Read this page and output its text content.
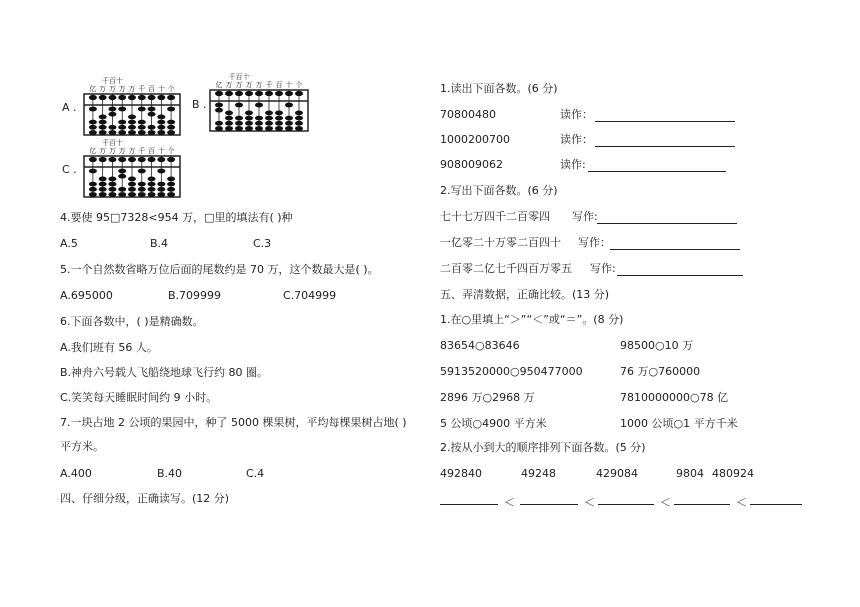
A .
千百十
亿 万 万 万 万 千 百 十 个
B .
千百十
亿 万 万 万 万 千 百 十 个
C .
千百十
亿 万 万 万 万 千 百 十 个
4.要使 95□7328<954 万，□里的填法有( )种
A.5	B.4	C.3
5.一个自然数省略万位后面的尾数约是 70 万，这个数最大是( )。
A.695000	B.709999	C.704999
6.下面各数中，( )是精确数。
A.我们班有 56 人。
B.神舟六号载人飞船绕地球飞行约 80 圈。
C.笑笑每天睡眠时间约 9 小时。
7.一块占地 2 公顷的果园中，种了 5000 棵果树，平均每棵果树占地( )
平方米。
A.400	B.40	C.4
四、仔细分级，正确读写。(12 分)
1.读出下面各数。(6 分)
70800480	读作：
1000200700	读作：
908009062	读作:
2.写出下面各数。(6 分)
七十七万四千二百零四 写作:
一亿零二十万零二百四十 写作：
二百零二亿七千四百万零五 写作:
五、弄清数据，正确比较。(13 分)
1.在○里填上“＞”“＜”或“＝”。(8 分)
83654○83646	98500○10 万
5913520000○950477000	76 万○760000
2896 万○2968 万	7810000000○78 亿
5 公顷○4900 平方米	1000 公顷○1 平方千米
2.按从小到大的顺序排列下面各数。(5 分)
492840	49248	429084	9804 480924
＜	＜	＜	＜
